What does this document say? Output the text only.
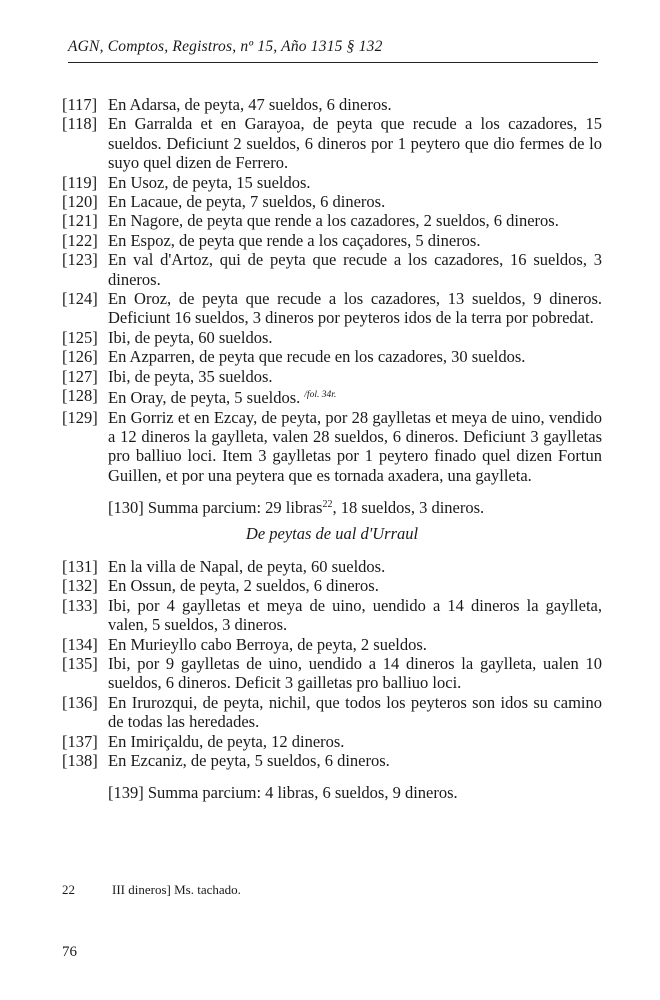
AGN, Comptos, Registros, nº 15, Año 1315 § 132
[117] En Adarsa, de peyta, 47 sueldos, 6 dineros.
[118] En Garralda et en Garayoa, de peyta que recude a los cazadores, 15 sueldos. Deficiunt 2 sueldos, 6 dineros por 1 peytero que dio fermes de lo suyo quel dizen de Ferrero.
[119] En Usoz, de peyta, 15 sueldos.
[120] En Lacaue, de peyta, 7 sueldos, 6 dineros.
[121] En Nagore, de peyta que rende a los cazadores, 2 sueldos, 6 dineros.
[122] En Espoz, de peyta que rende a los caçadores, 5 dineros.
[123] En val d'Artoz, qui de peyta que recude a los cazadores, 16 sueldos, 3 dineros.
[124] En Oroz, de peyta que recude a los cazadores, 13 sueldos, 9 dineros. Deficiunt 16 sueldos, 3 dineros por peyteros idos de la terra por pobredat.
[125] Ibi, de peyta, 60 sueldos.
[126] En Azparren, de peyta que recude en los cazadores, 30 sueldos.
[127] Ibi, de peyta, 35 sueldos.
[128] En Oray, de peyta, 5 sueldos. $^{/fol. 34r.}$
[129] En Gorriz et en Ezcay, de peyta, por 28 gaylletas et meya de uino, vendido a 12 dineros la gaylleta, valen 28 sueldos, 6 dineros. Deficiunt 3 gaylletas pro balliuo loci. Item 3 gaylletas por 1 peytero finado quel dizen Fortun Guillen, et por una peytera que es tornada axadera, una gaylleta.
[130] Summa parcium: 29 libras$^{22}$, 18 sueldos, 3 dineros.
De peytas de ual d'Urraul
[131] En la villa de Napal, de peyta, 60 sueldos.
[132] En Ossun, de peyta, 2 sueldos, 6 dineros.
[133] Ibi, por 4 gaylletas et meya de uino, uendido a 14 dineros la gaylleta, valen, 5 sueldos, 3 dineros.
[134] En Murieyllo cabo Berroya, de peyta, 2 sueldos.
[135] Ibi, por 9 gaylletas de uino, uendido a 14 dineros la gaylleta, ualen 10 sueldos, 6 dineros. Deficit 3 gailletas pro balliuo loci.
[136] En Irurozqui, de peyta, nichil, que todos los peyteros son idos su camino de todas las heredades.
[137] En Imiriçaldu, de peyta, 12 dineros.
[138] En Ezcaniz, de peyta, 5 sueldos, 6 dineros.
[139] Summa parcium: 4 libras, 6 sueldos, 9 dineros.
22	III dineros] Ms. tachado.
76
